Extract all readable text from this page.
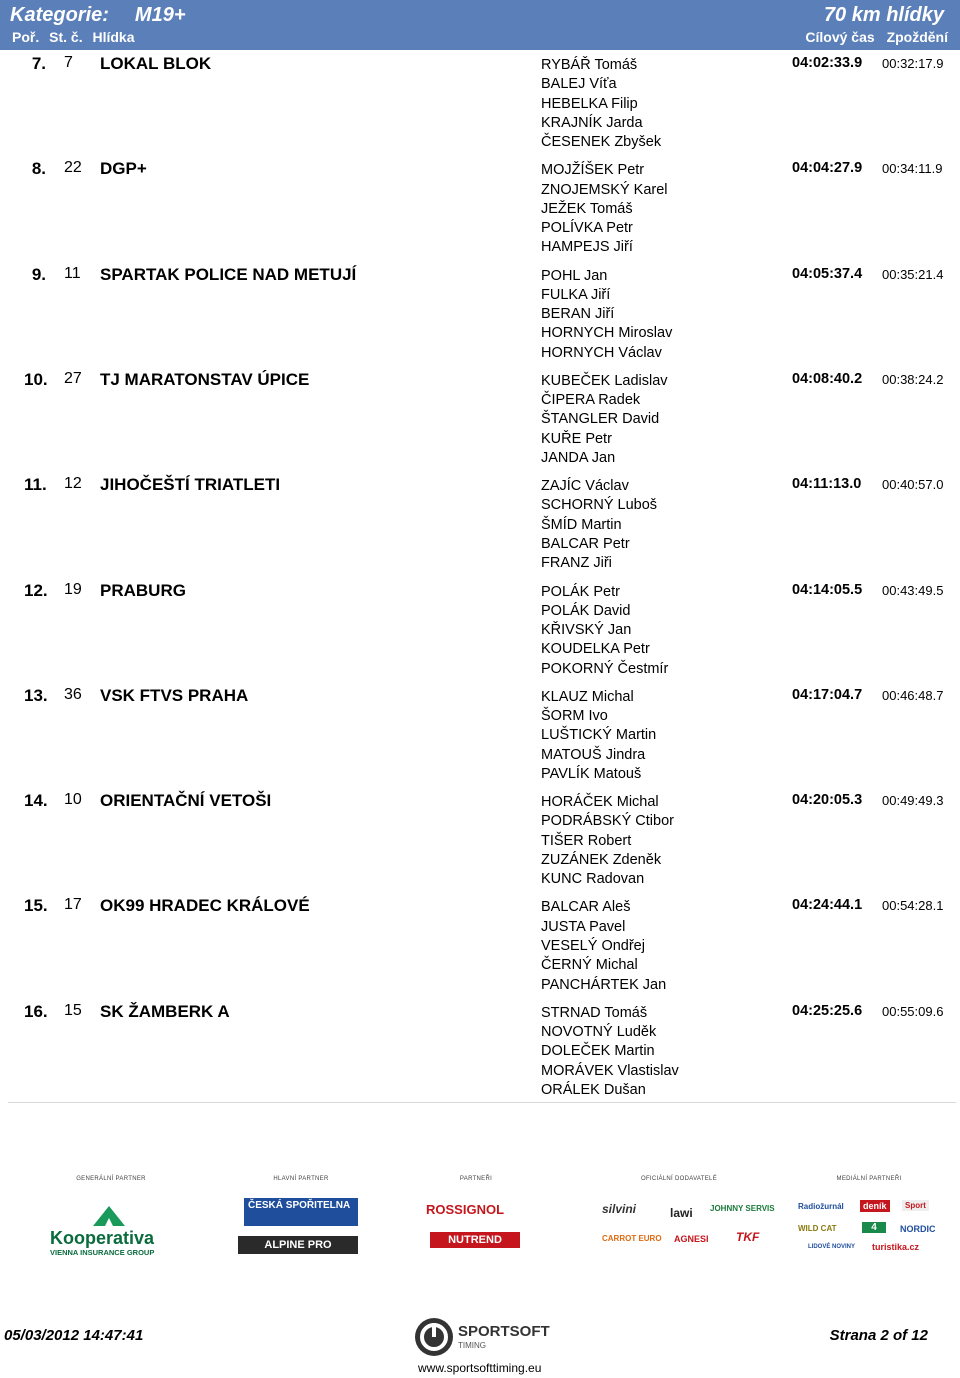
Kategorie: M19+	70 km hlídky
Poř. St. č. Hlídka	Cílový čas Zpoždění
7. 7 LOKAL BLOK	RYBÁŘ Tomáš
BALEJ Víťa
HEBELKA Filip
KRAJNÍK Jarda
ČESENEK Zbyšek
04:02:33.9 00:32:17.9
8. 22 DGP+	MOJŽÍŠEK Petr
ZNOJEMSKÝ Karel
JEŽEK Tomáš
POLÍVKA Petr
HAMPEJS Jiří
04:04:27.9 00:34:11.9
9. 11 SPARTAK POLICE NAD METUJÍ	POHL Jan
FULKA Jiří
BERAN Jiří
HORNYCH Miroslav
HORNYCH Václav
04:05:37.4 00:35:21.4
10. 27 TJ MARATONSTAV ÚPICE	KUBEČEK Ladislav
ČIPERA Radek
ŠTANGLER David
KUŘE Petr
JANDA Jan
04:08:40.2 00:38:24.2
11. 12 JIHOČEŠTÍ TRIATLETI	ZAJÍC Václav
SCHORNÝ Luboš
ŠMÍD Martin
BALCAR Petr
FRANZ Jiři
04:11:13.0 00:40:57.0
12. 19 PRABURG	POLÁK Petr
POLÁK David
KŘIVSKÝ Jan
KOUDELKA Petr
POKORNÝ Čestmír
04:14:05.5 00:43:49.5
13. 36 VSK FTVS PRAHA	KLAUZ Michal
ŠORM Ivo
LUŠTICKÝ Martin
MATOUŠ Jindra
PAVLÍK Matouš
04:17:04.7 00:46:48.7
14. 10 ORIENTAČNÍ VETOŠI	HORÁČEK Michal
PODRÁBSKÝ Ctibor
TIŠER Robert
ZUZÁNEK Zdeněk
KUNC Radovan
04:20:05.3 00:49:49.3
15. 17 OK99 HRADEC KRÁLOVÉ	BALCAR Aleš
JUSTA Pavel
VESELÝ Ondřej
ČERNÝ Michal
PANCHÁRTEK Jan
04:24:44.1 00:54:28.1
16. 15 SK ŽAMBERK A	STRNAD Tomáš
NOVOTNÝ Luděk
DOLEČEK Martin
MORÁVEK Vlastislav
ORÁLEK Dušan
04:25:25.6 00:55:09.6
GENERÁLNÍ PARTNER
Kooperativa
VIENNA INSURANCE GROUP
HLAVNÍ PARTNER
ČESKÁ SPOŘITELNA
ALPINE PRO
PARTNEŘI
ROSSIGNOL
NUTREND
OFICIÁLNÍ DODAVATELÉ
silvini	lawi JOHNNY SERVIS
CARROT EURO AGNESI TKF
MEDIÁLNÍ PARTNEŘI
Radiožurnál	deník	Sport
WILD CAT	4	NORDIC
LIDOVÉ NOVINY turistika.cz
05/03/2012 14:47:41	SPORTSOFT
TIMING
www.sportsofttiming.eu
Strana 2 of 12
